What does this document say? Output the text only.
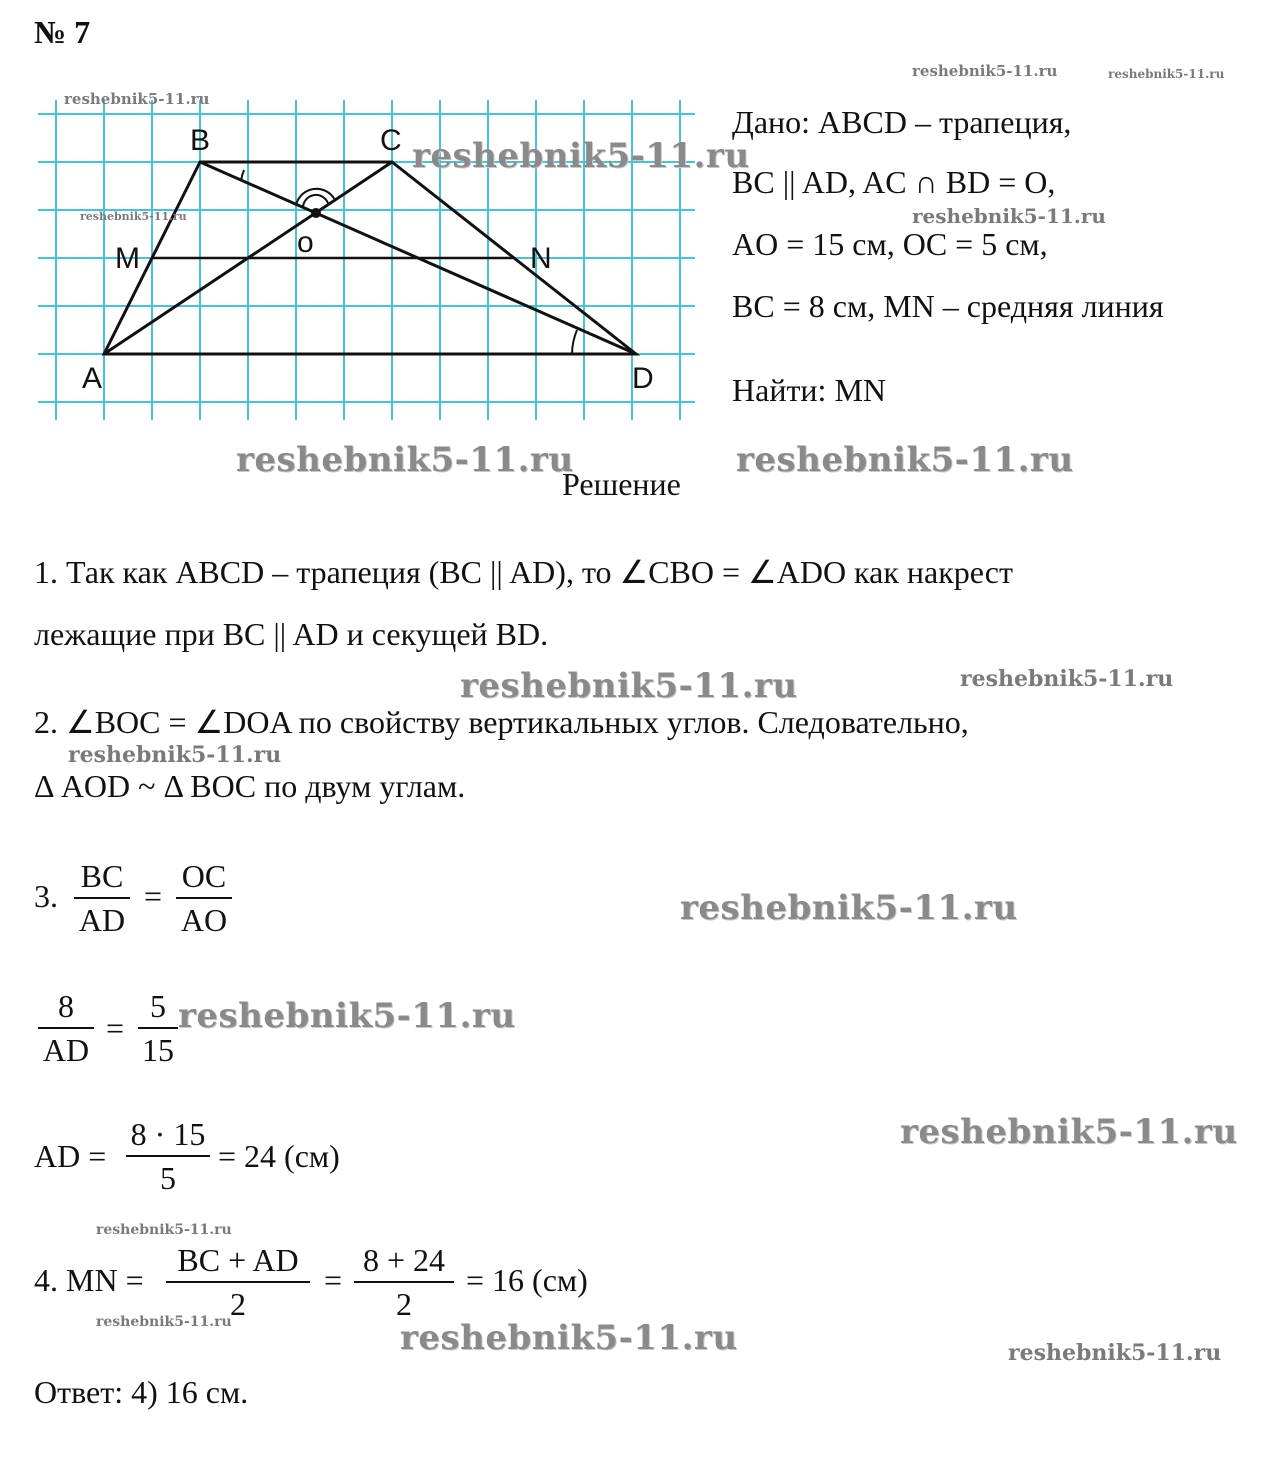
№ 7
reshebnik5-11.ru	reshebnik5-11.ru
B	C
M	N
o
A	D
reshebnik5-11.ru
reshebnik5-11.ru
reshebnik5-11.ru
Дано: ABCD – трапеция,
BC || AD, AC ∩ BD = O,
reshebnik5-11.ru
AO = 15 см, OC = 5 см,
BC = 8 см, MN – средняя линия
Найти: MN
reshebnik5-11.ru
Решение
reshebnik5-11.ru
1. Так как ABCD – трапеция (BC || AD), то ∠CBO = ∠ADO как накрест
лежащие при BC || AD и секущей BD.
reshebnik5-11.ru	reshebnik5-11.ru
2. ∠BOC = ∠DOA по свойству вертикальных углов. Следовательно,
reshebnik5-11.ru
Δ AOD ~ Δ BOC по двум углам.
3.
BC
AD
=
OC
AO	reshebnik5-11.ru
8
AD
=
5
15
reshebnik5-11.ru
AD =
8 · 15
5
= 24 (см)
reshebnik5-11.ru
reshebnik5-11.ru
4. MN =
BC + AD
2
=
8 + 24
2
= 16 (см)
reshebnik5-11.ru	reshebnik5-11.ru	reshebnik5-11.ru
Ответ: 4) 16 см.
